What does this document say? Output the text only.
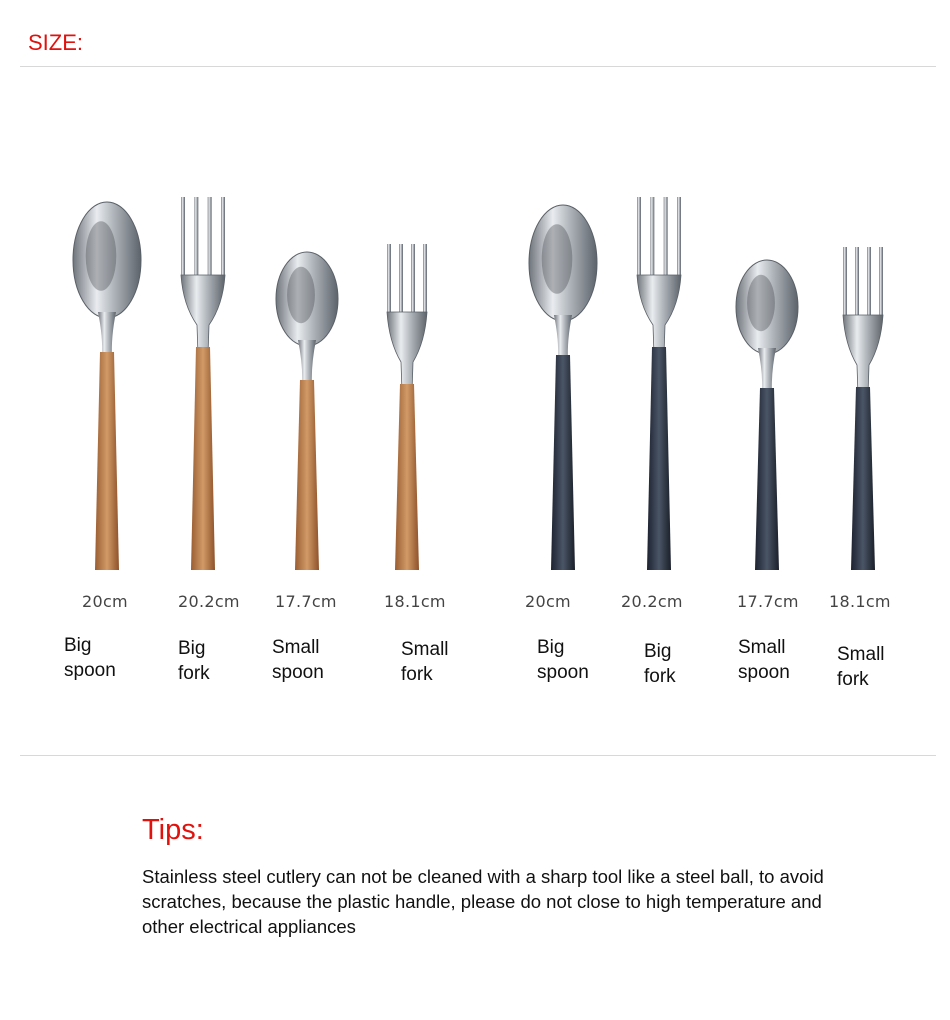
SIZE:
20cm
Big
spoon
20.2cm
Big
fork
17.7cm
Small
spoon
18.1cm
Small
fork
20cm
Big
spoon
20.2cm
Big
fork
17.7cm
Small
spoon
18.1cm
Small
fork
Tips:
Stainless steel cutlery can not be cleaned with a sharp tool like a steel ball, to avoid scratches, because the plastic handle, please do not close to high temperature and other electrical appliances
